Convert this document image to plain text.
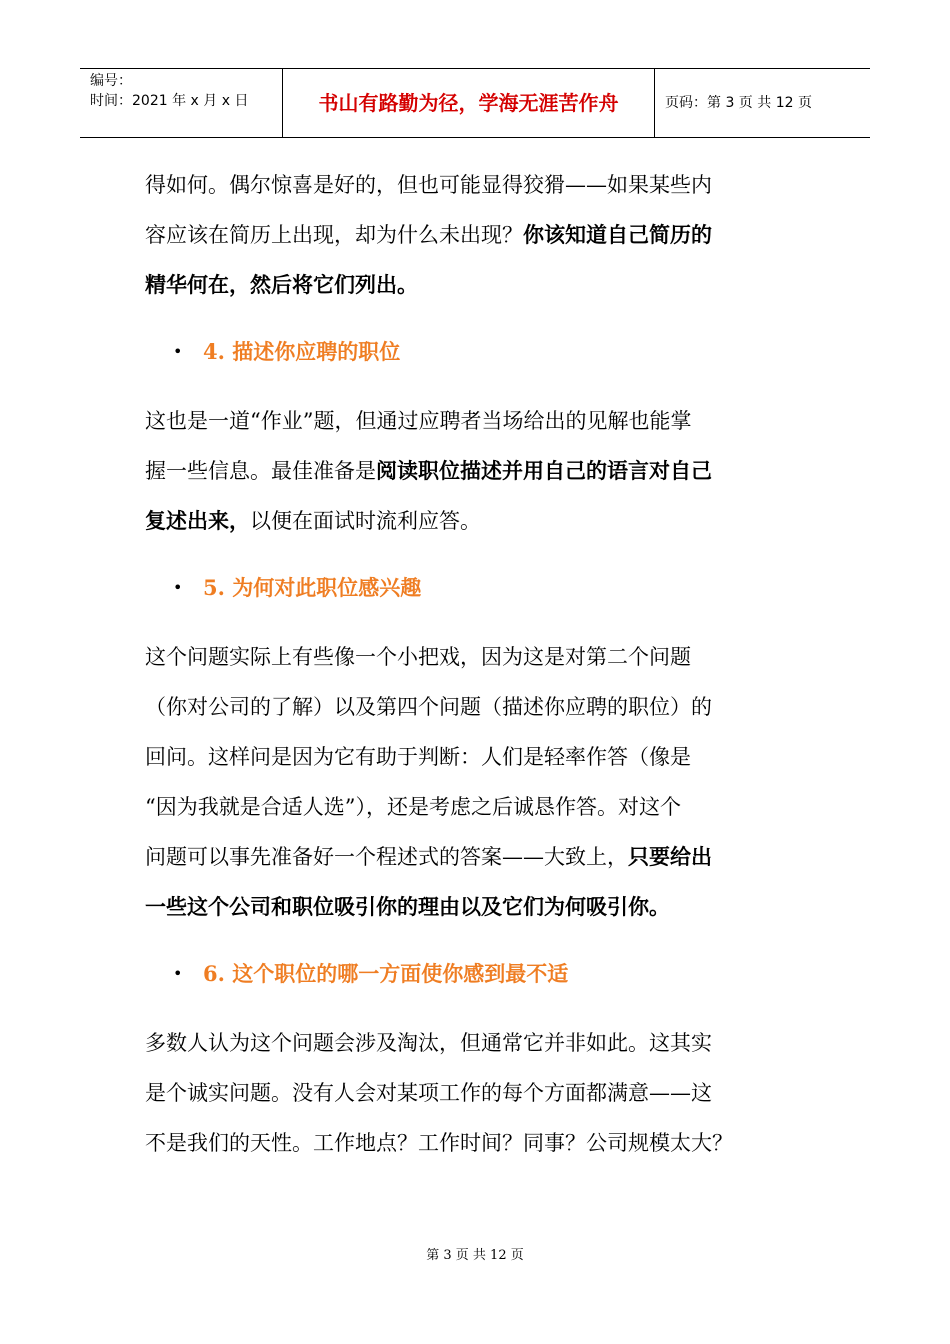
编号：
时间：2021 年 x 月 x 日	书山有路勤为径，学海无涯苦作舟	页码：第 3 页 共 12 页

得如何。偶尔惊喜是好的，但也可能显得狡猾——如果某些内
容应该在简历上出现，却为什么未出现？你该知道自己简历的
精华何在，然后将它们列出。

• 4. 描述你应聘的职位

这也是一道“作业”题，但通过应聘者当场给出的见解也能掌
握一些信息。最佳准备是阅读职位描述并用自己的语言对自己
复述出来，以便在面试时流利应答。

• 5. 为何对此职位感兴趣

这个问题实际上有些像一个小把戏，因为这是对第二个问题
（你对公司的了解）以及第四个问题（描述你应聘的职位）的
回问。这样问是因为它有助于判断：人们是轻率作答（像是
“因为我就是合适人选”），还是考虑之后诚恳作答。对这个
问题可以事先准备好一个程述式的答案——大致上，只要给出
一些这个公司和职位吸引你的理由以及它们为何吸引你。

• 6. 这个职位的哪一方面使你感到最不适

多数人认为这个问题会涉及淘汰，但通常它并非如此。这其实
是个诚实问题。没有人会对某项工作的每个方面都满意——这
不是我们的天性。工作地点？工作时间？同事？公司规模太大？

第 3 页 共 12 页
